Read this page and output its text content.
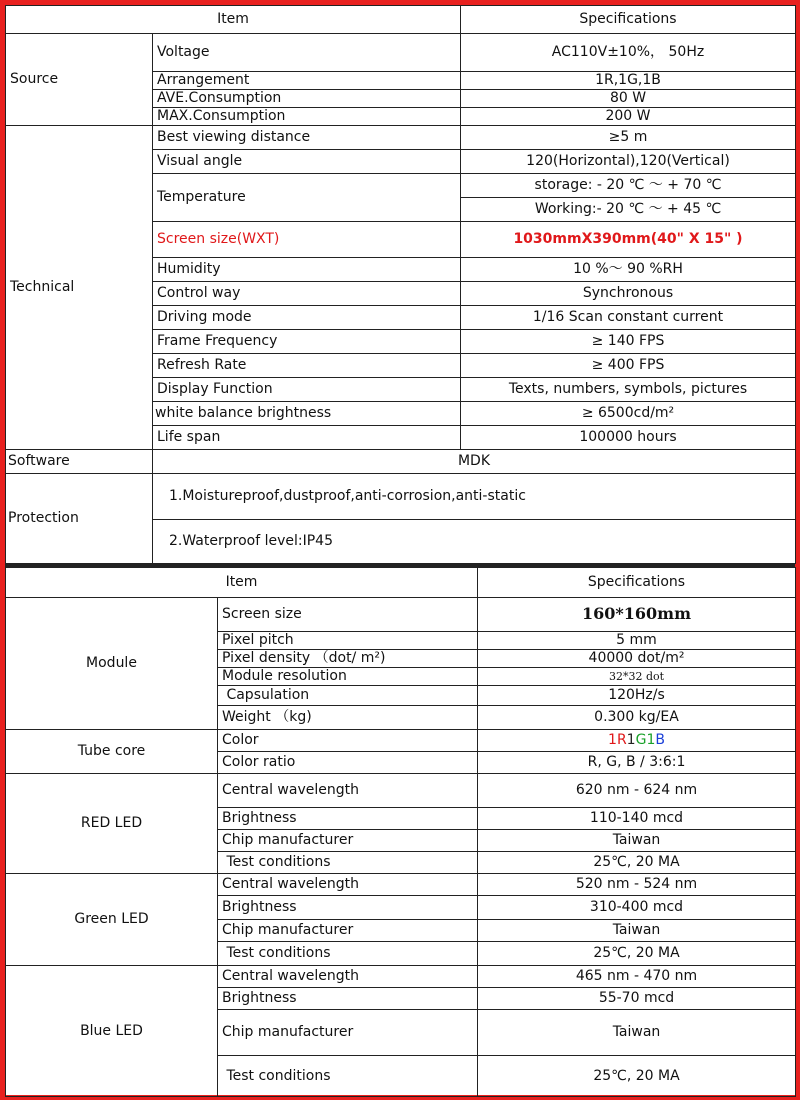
Item		Specifications
Source	Voltage	AC110V±10%， 50Hz
	Arrangement	1R,1G,1B
	AVE.Consumption	80 W
	MAX.Consumption	200 W
Technical	Best viewing distance	≥5 m
	Visual angle	120(Horizontal),120(Vertical)
	Temperature	storage: - 20 ℃ ～ + 70 ℃
		Working:- 20 ℃ ～ + 45 ℃
	Screen size(WXT)	1030mmX390mm(40" X 15" )
	Humidity	10 %～ 90 %RH
	Control way	Synchronous
	Driving mode	1/16 Scan constant current
	Frame Frequency	≥ 140 FPS
	Refresh Rate	≥ 400 FPS
	Display Function	Texts, numbers, symbols, pictures
	white balance brightness	≥ 6500cd/m²
	Life span	100000 hours
Software	MDK	
Protection	1.Moistureproof,dustproof,anti-corrosion,anti-static	
	2.Waterproof level:IP45	
Item		Specifications
Module	Screen size	160*160mm
	Pixel pitch	5 mm
	Pixel density （dot/ m²)	40000 dot/m²
	Module resolution	32*32 dot
	Capsulation	120Hz/s
	Weight （kg)	0.300 kg/EA
Tube core	Color	1R1G1B
	Color ratio	R, G, B / 3:6:1
RED LED	Central wavelength	620 nm - 624 nm
	Brightness	110-140 mcd
	Chip manufacturer	Taiwan
	Test conditions	25℃, 20 MA
Green LED	Central wavelength	520 nm - 524 nm
	Brightness	310-400 mcd
	Chip manufacturer	Taiwan
	Test conditions	25℃, 20 MA
Blue LED	Central wavelength	465 nm - 470 nm
	Brightness	55-70 mcd
	Chip manufacturer	Taiwan
	Test conditions	25℃, 20 MA
